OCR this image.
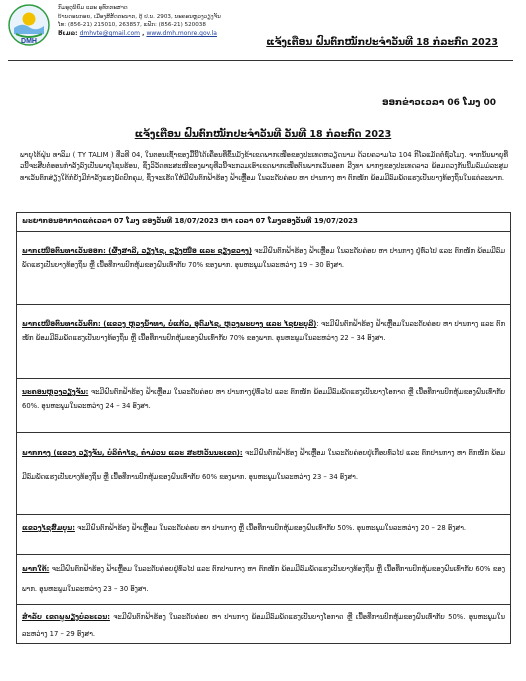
DMH
ກົມອຸຕຸນິຍົມ ແລະ ອຸທົກກະສາດ
ບ້ານດອນກອຍ, ເມືອງສີສັດຕະນາກ, ຕູ້ ປ.ນ. 2903, ນະຄອນຫຼວງວຽງຈັນ
ໂທ: (856-21) 215010, 263857, ແຟັກ: (856-21) 520038
ອີເມລ: dmhvte@gmail.com , www.dmh.monre.gov.la
ແຈ້ງເຕືອນ ຝົນຕົກໜັກປະຈຳວັນທີ 18 ກໍລະກົດ 2023
ອອກຂ່າວເວລາ 06 ໂມງ 00
ແຈ້ງເຕືອນ ຝົນຕົກໜັກປະຈຳວັນທີ ວັນທີ 18 ກໍລະກົດ 2023
ພາຍຸໄຕ້ຝຸ່ນ ທາລິມ ( TY TALIM ) ທີ່ວທີ 04, ໃນຕອນເຊົ້າຂອງມື້ນີ້ໄດ້ເຄື່ອນທີ່ຂຶ້ນມັງຂ້າເຂດພາກເໜືອຂອງປະເທດຫວຽດນາມ ດ້ວຍຄວາມໄວ 104 ກິໂລແມັດຕໍ່ຊົ່ວໂມງ. ຈາກນັ້ນພາຍຸທີ່ວນີ້ຈະສືບຕໍ່ອອນກຳລັງລົງເປັນພາຍຸໂຊນຮ້ອນ, ຊຶ່ງວິວັດທະສະໜີຂອງພາຍຸທີ່ວນີ້ຈະກວມເອົາເຂດພາກເໜືອຕົນພາກເວັນອອກ ລີງທາ ພາກໆຂອງປະເທດລາວ ພ້ອມດວງກັນນີ້ມລົມມໍລະສູມທາເວັນຕົກສ່ຽງໃຕ້ກໍຍັງມີກຳລັງແຮງພັດປົກຄຸມ, ຊຶ່ງຈະເຮັດໃຫ້ມີຝົນຕົກຟ້າຮ້ອງ ຟ້າເຫຼື້ອມ ໃນລະດັບຄ່ອຍ ຫາ ປານກາງ ຫາ ຕົກໜັກ ພ້ອມມີລົມພັດແຮງເປັນບາງທ້ອງຖິ່ນໃນແຕ່ລະພາກ.
ພະຍາກອນອາກາດແຕ່ເວລາ 07 ໂມງ ຂອງວັນທີ 18/07/2023 ຫາ ເວລາ 07 ໂມງຂອງວັນທີ 19/07/2023
ພາກເໜືອຕົນທາເວັນອອກ: (ຜົ້ງສາລີ, ວຽງໄຊ, ຊຽງໜື່ອ ແລະ ຊຽງຂວາງ) ຈະມີຝົນຕົກຟ້າຮ້ອງ ຟ້າເຫຼື້ອມ ໃນລະດັບຄ່ອຍ ຫາ ປານກາງ ຢູ່ທົ່ວໄປ ແລະ ຕົກໜັກ ພ້ອມມີລົມພັດແຮງເປັນບາງທ້ອງຖິ່ນ ຫຼື ເນື້ອທີ່ການປົກຫຸ້ມຂອງຝົນເທົ່າກັບ 70% ຂອງພາກ. ອຸນຫະພູມໃນລະຫວ່າງ 19 – 30 ອົງສາ.
ພາກເໜືອຕົນທາເວັນຕົກ: (ແຂວງ ຫຼວງນ້ຳທາ, ບໍ່ແກ້ວ, ອຸດົມໄຊ, ຫຼວງພະບາງ ແລະ ໄຊຍະບູລີ): ຈະມີຝົນຕົກຟ້າຮ້ອງ ຟ້າເຫຼື້ອມໃນລະດັບຄ່ອຍ ຫາ ປານກາງ ແລະ ຕົກໜັກ ພ້ອມມີລົມພັດແຮງເປັນບາງທ້ອງຖິ່ນ ຫຼື ເນື້ອທີ່ການປົກຫຸ້ມຂອງຝົນເທົ່າກັບ 70% ຂອງພາກ. ອຸນຫະພູມໃນລະຫວ່າງ 22 – 34 ອົງສາ.
ນະຄອນຫຼວງວຽງຈັນ: ຈະມີຝົນຕົກຟ້າຮ້ອງ ຟ້າເຫຼື້ອມ ໃນລະດັບຄ່ອຍ ຫາ ປານກາງຢູ່ທົ່ວໄປ ແລະ ຕົກໜັກ ພ້ອມມີລົມພັດແຮງເປັນບາງໂອກາດ ຫຼື ເນື້ອທີ່ການປົກຫຸ້ມຂອງຝົນເທົ່າກັບ 60%. ອຸນຫະພູມໃນລະຫວ່າງ 24 – 34 ອົງສາ.
ພາກກາງ (ແຂວງ ວຽງຈັນ, ບໍລິຄຳໄຊ, ຄຳມ່ວນ ແລະ ສະຫວັນນະເຂດ): ຈະມີຝົນຕົກຟ້າຮ້ອງ ຟ້າເຫຼື້ອມ ໃນລະດັບຄ່ອຍຢູ່ເກືອບທົ່ວໄປ ແລະ ຕົກປານກາງ ຫາ ຕົກໜັກ ພ້ອມມີລົມພັດແຮງເປັນບາງທ້ອງຖິ່ນ ຫຼື ເນື້ອທີ່ການປົກຫຸ້ມຂອງຝົນເທົ່າກັບ 60% ຂອງພາກ. ອຸນຫະພູມໃນລະຫວ່າງ 23 – 34 ອົງສາ.
ແຂວງໄຊສົມບູນ: ຈະມີຝົນຕົກຟ້າຮ້ອງ ຟ້າເຫຼື້ອມ ໃນລະດັບຄ່ອຍ ຫາ ປານກາງ ຫຼື ເນື້ອທີ່ການປົກຫຸ້ມຂອງຝົນເທົ່າກັບ 50%. ອຸນຫະພູມໃນລະຫວ່າງ 20 – 28 ອົງສາ.
ພາກໃຕ້: ຈະມີຝົນຕົກຟ້າຮ້ອງ ຟ້າເຫຼື້ອມ ໃນລະດັບຄ່ອຍຢູ່ທົ່ວໄປ ແລະ ຕົກປານກາງ ຫາ ຕົກໜັກ ພ້ອມມີລົມພັດແຮງເປັນບາງທ້ອງຖິ່ນ ຫຼື ເນື້ອທີ່ການປົກຫຸ້ມຂອງຝົນເທົ່າກັບ 60% ຂອງພາກ. ອຸນຫະພູມໃນລະຫວ່າງ 23 – 30 ອົງສາ.
ສຳລັບ ເຂດພູພຽງບໍລະເວນ: ຈະມີຝົນຕົກຟ້າຮ້ອງ ໃນລະດັບຄ່ອຍ ຫາ ປານກາງ ພ້ອມມີລົມພັດແຮງເປັນບາງໂອກາດ ຫຼື ເນື້ອທີ່ການປົກຫຸ້ມຂອງຝົນເທົ່າກັບ 50%. ອຸນຫະພູມໃນລະຫວ່າງ 17 – 29 ອົງສາ.
